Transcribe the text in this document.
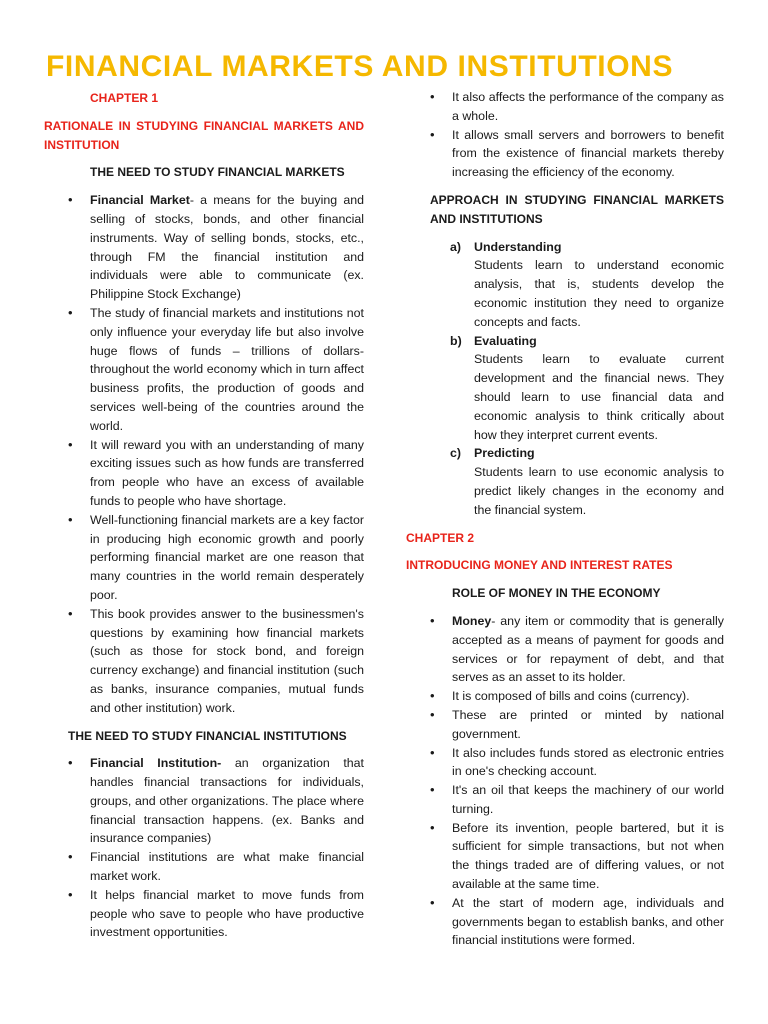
FINANCIAL MARKETS AND INSTITUTIONS

CHAPTER 1

RATIONALE IN STUDYING FINANCIAL MARKETS AND INSTITUTION

THE NEED TO STUDY FINANCIAL MARKETS

• Financial Market- a means for the buying and selling of stocks, bonds, and other financial instruments. Way of selling bonds, stocks, etc., through FM the financial institution and individuals were able to communicate (ex. Philippine Stock Exchange)
• The study of financial markets and institutions not only influence your everyday life but also involve huge flows of funds – trillions of dollars- throughout the world economy which in turn affect business profits, the production of goods and services well-being of the countries around the world.
• It will reward you with an understanding of many exciting issues such as how funds are transferred from people who have an excess of available funds to people who have shortage.
• Well-functioning financial markets are a key factor in producing high economic growth and poorly performing financial market are one reason that many countries in the world remain desperately poor.
• This book provides answer to the businessmen's questions by examining how financial markets (such as those for stock bond, and foreign currency exchange) and financial institution (such as banks, insurance companies, mutual funds and other institution) work.

THE NEED TO STUDY FINANCIAL INSTITUTIONS

• Financial Institution- an organization that handles financial transactions for individuals, groups, and other organizations. The place where financial transaction happens. (ex. Banks and insurance companies)
• Financial institutions are what make financial market work.
• It helps financial market to move funds from people who save to people who have productive investment opportunities.
• It also affects the performance of the company as a whole.
• It allows small servers and borrowers to benefit from the existence of financial markets thereby increasing the efficiency of the economy.

APPROACH IN STUDYING FINANCIAL MARKETS AND INSTITUTIONS

a) Understanding
Students learn to understand economic analysis, that is, students develop the economic institution they need to organize concepts and facts.
b) Evaluating
Students learn to evaluate current development and the financial news. They should learn to use financial data and economic analysis to think critically about how they interpret current events.
c) Predicting
Students learn to use economic analysis to predict likely changes in the economy and the financial system.

CHAPTER 2

INTRODUCING MONEY AND INTEREST RATES

ROLE OF MONEY IN THE ECONOMY

• Money- any item or commodity that is generally accepted as a means of payment for goods and services or for repayment of debt, and that serves as an asset to its holder.
• It is composed of bills and coins (currency).
• These are printed or minted by national government.
• It also includes funds stored as electronic entries in one's checking account.
• It's an oil that keeps the machinery of our world turning.
• Before its invention, people bartered, but it is sufficient for simple transactions, but not when the things traded are of differing values, or not available at the same time.
• At the start of modern age, individuals and governments began to establish banks, and other financial institutions were formed.
